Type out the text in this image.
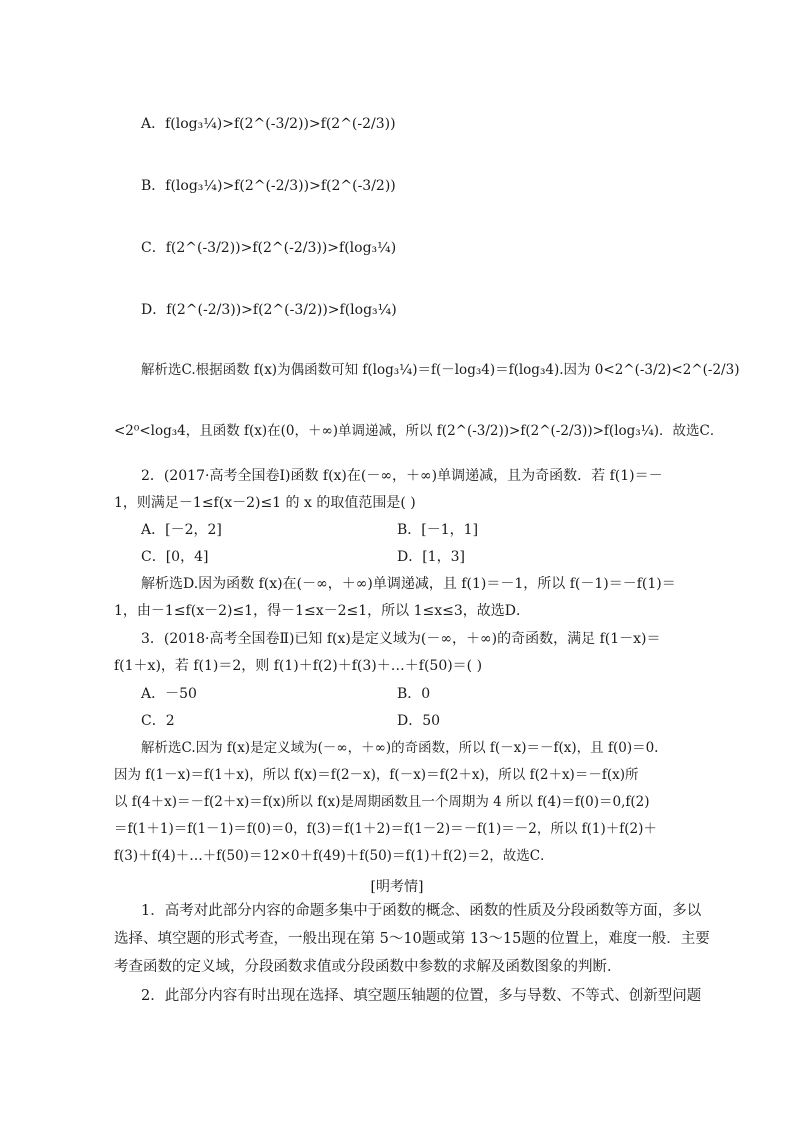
A．f(log₃¼)>f(2^(-3/2))>f(2^(-2/3))
B．f(log₃¼)>f(2^(-2/3))>f(2^(-3/2))
C．f(2^(-3/2))>f(2^(-2/3))>f(log₃¼)
D．f(2^(-2/3))>f(2^(-3/2))>f(log₃¼)
解析选C.根据函数 f(x)为偶函数可知 f(log₃¼)＝f(－log₃4)＝f(log₃4).因为 0<2^(-3/2)<2^(-2/3)
<2⁰<log₃4，且函数 f(x)在(0，＋∞)单调递减，所以 f(2^(-3/2))>f(2^(-2/3))>f(log₃¼)．故选C．
2．(2017·高考全国卷Ⅰ)函数 f(x)在(－∞，＋∞)单调递减，且为奇函数．若 f(1)＝－
1，则满足－1≤f(x－2)≤1 的 x 的取值范围是( )
A．[－2，2]	B．[－1，1]
C．[0，4]	D．[1，3]
解析选D.因为函数 f(x)在(－∞，＋∞)单调递减，且 f(1)＝－1，所以 f(－1)＝－f(1)＝
1，由－1≤f(x－2)≤1，得－1≤x－2≤1，所以 1≤x≤3，故选D．
3．(2018·高考全国卷Ⅱ)已知 f(x)是定义域为(－∞，＋∞)的奇函数，满足 f(1－x)＝
f(1＋x)，若 f(1)＝2，则 f(1)＋f(2)＋f(3)＋…＋f(50)＝( )
A．－50	B．0
C．2	D．50
解析选C.因为 f(x)是定义域为(－∞，＋∞)的奇函数，所以 f(－x)＝－f(x)，且 f(0)＝0.
因为 f(1－x)＝f(1＋x)，所以 f(x)＝f(2－x)，f(－x)＝f(2＋x)，所以 f(2＋x)＝－f(x)所
以 f(4＋x)＝－f(2＋x)＝f(x)所以 f(x)是周期函数且一个周期为 4 所以 f(4)＝f(0)＝0,f(2)
＝f(1＋1)＝f(1－1)＝f(0)＝0，f(3)＝f(1＋2)＝f(1－2)＝－f(1)＝－2，所以 f(1)＋f(2)＋
f(3)＋f(4)＋…＋f(50)＝12×0＋f(49)＋f(50)＝f(1)＋f(2)＝2，故选C．
[明考情]
1．高考对此部分内容的命题多集中于函数的概念、函数的性质及分段函数等方面，多以
选择、填空题的形式考查，一般出现在第 5～10题或第 13～15题的位置上，难度一般．主要
考查函数的定义域，分段函数求值或分段函数中参数的求解及函数图象的判断．
2．此部分内容有时出现在选择、填空题压轴题的位置，多与导数、不等式、创新型问题
